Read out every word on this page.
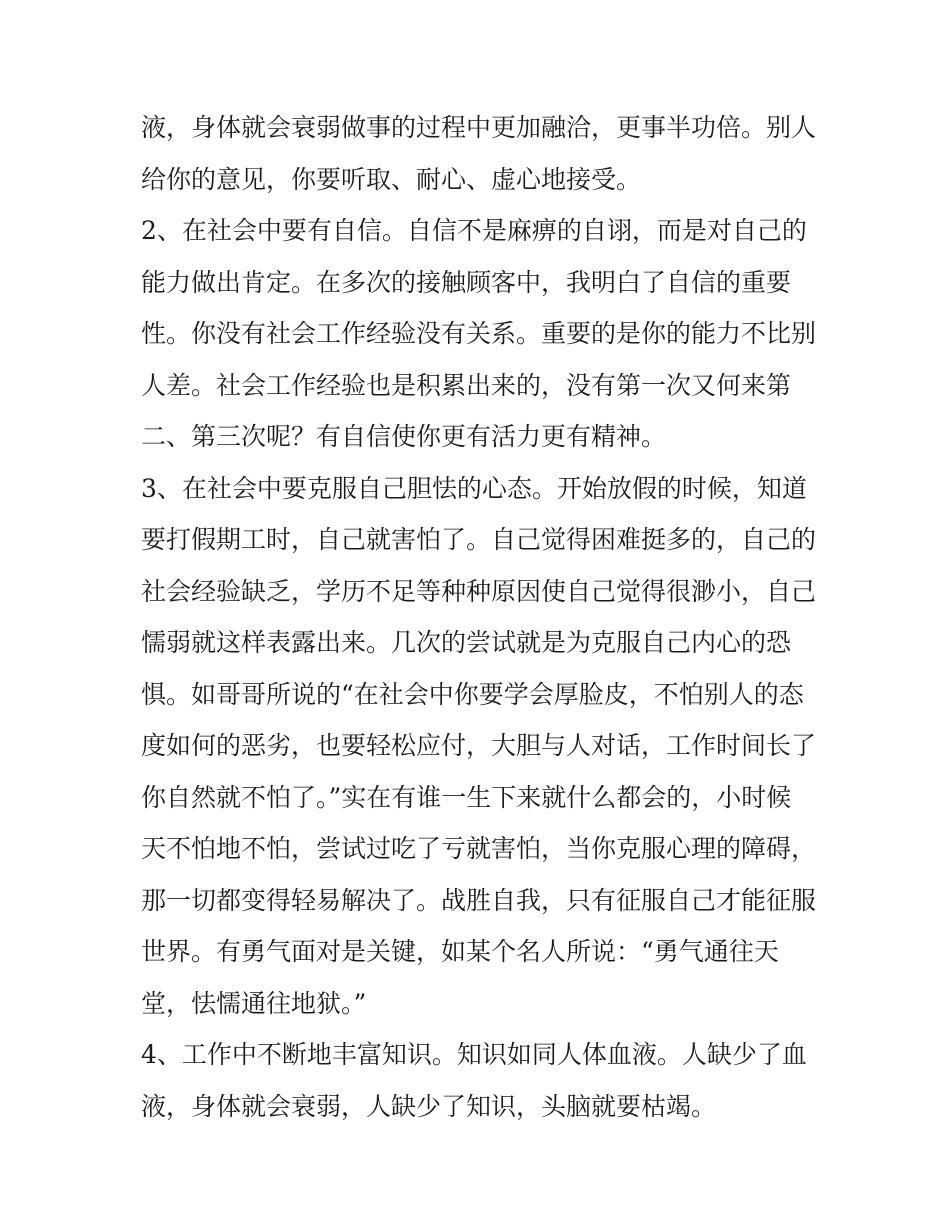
液，身体就会衰弱做事的过程中更加融洽，更事半功倍。别人
给你的意见，你要听取、耐心、虚心地接受。
2、在社会中要有自信。自信不是麻痹的自诩，而是对自己的
能力做出肯定。在多次的接触顾客中，我明白了自信的重要
性。你没有社会工作经验没有关系。重要的是你的能力不比别
人差。社会工作经验也是积累出来的，没有第一次又何来第
二、第三次呢？有自信使你更有活力更有精神。
3、在社会中要克服自己胆怯的心态。开始放假的时候，知道
要打假期工时，自己就害怕了。自己觉得困难挺多的，自己的
社会经验缺乏，学历不足等种种原因使自己觉得很渺小，自己
懦弱就这样表露出来。几次的尝试就是为克服自己内心的恐
惧。如哥哥所说的“在社会中你要学会厚脸皮，不怕别人的态
度如何的恶劣，也要轻松应付，大胆与人对话，工作时间长了
你自然就不怕了。”实在有谁一生下来就什么都会的，小时候
天不怕地不怕，尝试过吃了亏就害怕，当你克服心理的障碍，
那一切都变得轻易解决了。战胜自我，只有征服自己才能征服
世界。有勇气面对是关键，如某个名人所说：“勇气通往天
堂，怯懦通往地狱。”
4、工作中不断地丰富知识。知识如同人体血液。人缺少了血
液，身体就会衰弱，人缺少了知识，头脑就要枯竭。
